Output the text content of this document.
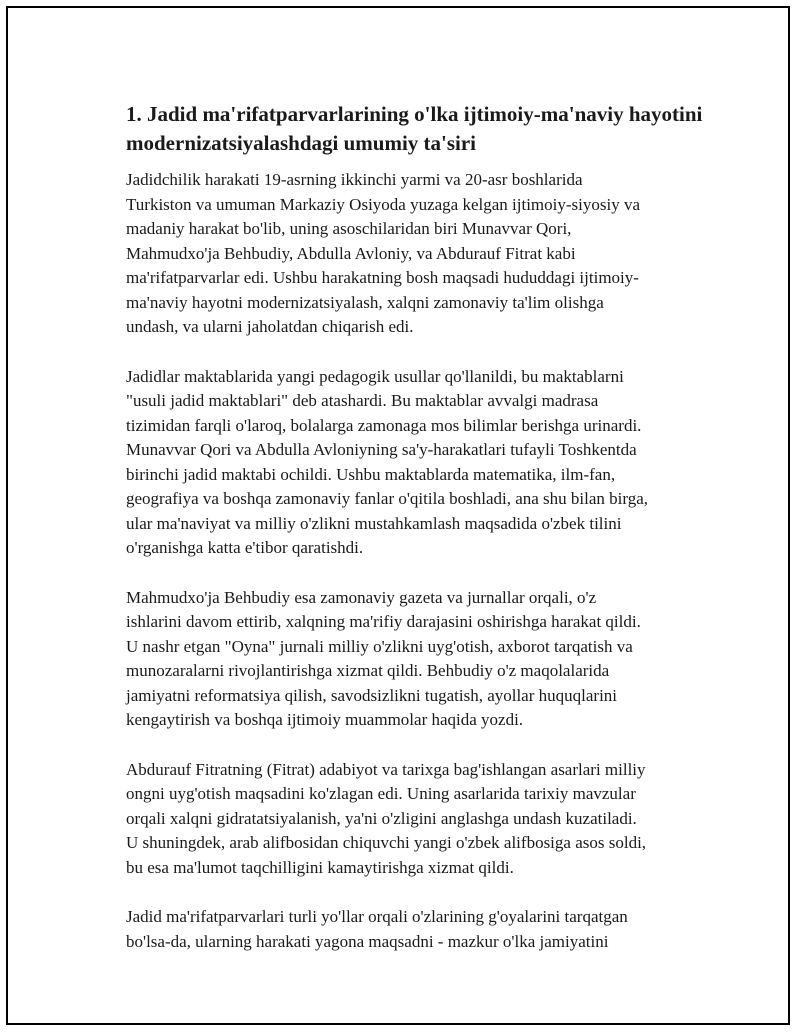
1. Jadid ma'rifatparvarlarining o'lka ijtimoiy-ma'naviy hayotini modernizatsiyalashdagi umumiy ta'siri

Jadidchilik harakati 19-asrning ikkinchi yarmi va 20-asr boshlarida
Turkiston va umuman Markaziy Osiyoda yuzaga kelgan ijtimoiy-siyosiy va
madaniy harakat bo'lib, uning asoschilaridan biri Munavvar Qori,
Mahmudxo'ja Behbudiy, Abdulla Avloniy, va Abdurauf Fitrat kabi
ma'rifatparvarlar edi. Ushbu harakatning bosh maqsadi hududdagi ijtimoiy-
ma'naviy hayotni modernizatsiyalash, xalqni zamonaviy ta'lim olishga
undash, va ularni jaholatdan chiqarish edi.

Jadidlar maktablarida yangi pedagogik usullar qo'llanildi, bu maktablarni
"usuli jadid maktablari" deb atashardi. Bu maktablar avvalgi madrasa
tizimidan farqli o'laroq, bolalarga zamonaga mos bilimlar berishga urinardi.
Munavvar Qori va Abdulla Avloniyning sa'y-harakatlari tufayli Toshkentda
birinchi jadid maktabi ochildi. Ushbu maktablarda matematika, ilm-fan,
geografiya va boshqa zamonaviy fanlar o'qitila boshladi, ana shu bilan birga,
ular ma'naviyat va milliy o'zlikni mustahkamlash maqsadida o'zbek tilini
o'rganishga katta e'tibor qaratishdi.

Mahmudxo'ja Behbudiy esa zamonaviy gazeta va jurnallar orqali, o'z
ishlarini davom ettirib, xalqning ma'rifiy darajasini oshirishga harakat qildi.
U nashr etgan "Oyna" jurnali milliy o'zlikni uyg'otish, axborot tarqatish va
munozaralarni rivojlantirishga xizmat qildi. Behbudiy o'z maqolalarida
jamiyatni reformatsiya qilish, savodsizlikni tugatish, ayollar huquqlarini
kengaytirish va boshqa ijtimoiy muammolar haqida yozdi.

Abdurauf Fitratning (Fitrat) adabiyot va tarixga bag'ishlangan asarlari milliy
ongni uyg'otish maqsadini ko'zlagan edi. Uning asarlarida tarixiy mavzular
orqali xalqni gidratatsiyalanish, ya'ni o'zligini anglashga undash kuzatiladi.
U shuningdek, arab alifbosidan chiquvchi yangi o'zbek alifbosiga asos soldi,
bu esa ma'lumot taqchilligini kamaytirishga xizmat qildi.

Jadid ma'rifatparvarlari turli yo'llar orqali o'zlarining g'oyalarini tarqatgan
bo'lsa-da, ularning harakati yagona maqsadni - mazkur o'lka jamiyatini
